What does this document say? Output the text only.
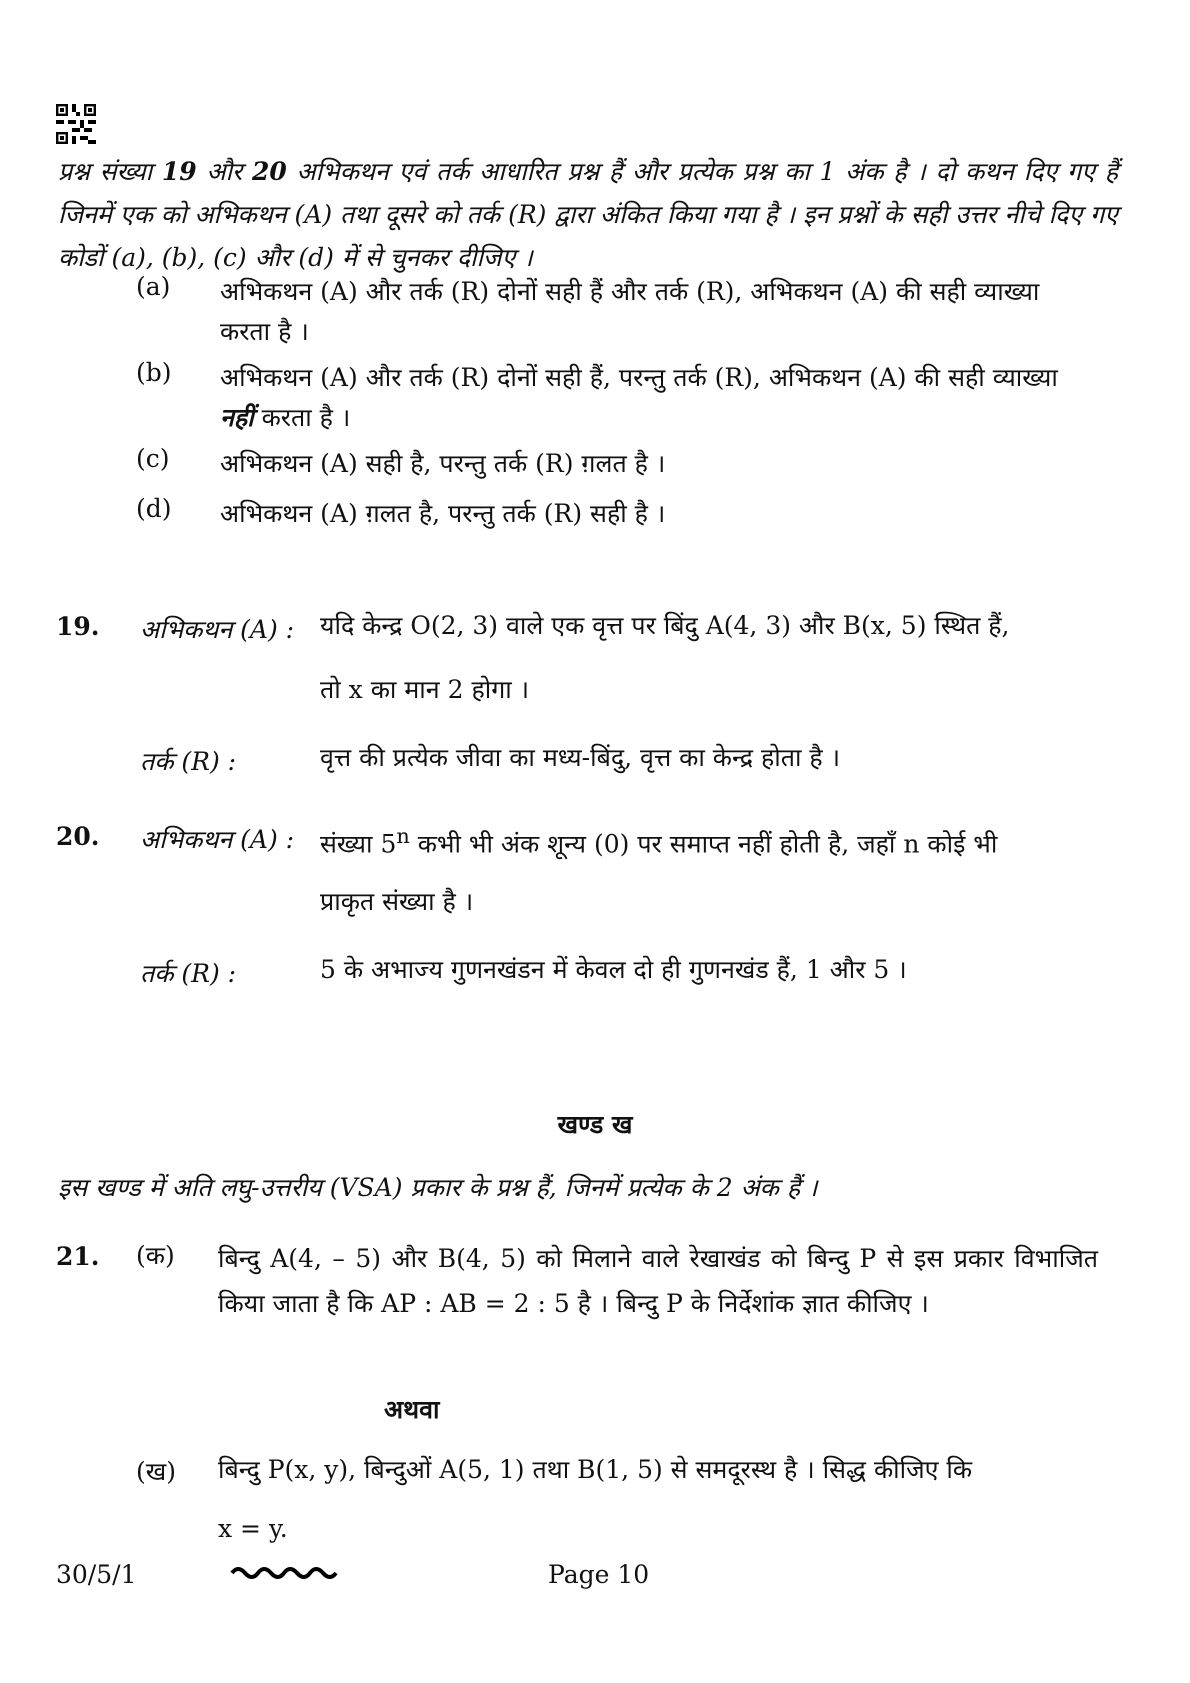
प्रश्न संख्या 19 और 20 अभिकथन एवं तर्क आधारित प्रश्न हैं और प्रत्येक प्रश्न का 1 अंक है । दो कथन दिए गए हैं जिनमें एक को अभिकथन (A) तथा दूसरे को तर्क (R) द्वारा अंकित किया गया है । इन प्रश्नों के सही उत्तर नीचे दिए गए कोडों (a), (b), (c) और (d) में से चुनकर दीजिए ।
(a)	अभिकथन (A) और तर्क (R) दोनों सही हैं और तर्क (R), अभिकथन (A) की सही व्याख्या करता है ।
(b)	अभिकथन (A) और तर्क (R) दोनों सही हैं, परन्तु तर्क (R), अभिकथन (A) की सही व्याख्या नहीं करता है ।
(c)	अभिकथन (A) सही है, परन्तु तर्क (R) ग़लत है ।
(d)	अभिकथन (A) ग़लत है, परन्तु तर्क (R) सही है ।
19. अभिकथन (A) : यदि केन्द्र O(2, 3) वाले एक वृत्त पर बिंदु A(4, 3) और B(x, 5) स्थित हैं,
तो x का मान 2 होगा ।
तर्क (R) :	वृत्त की प्रत्येक जीवा का मध्य-बिंदु, वृत्त का केन्द्र होता है ।
20. अभिकथन (A) : संख्या 5$^n$ कभी भी अंक शून्य (0) पर समाप्त नहीं होती है, जहाँ n कोई भी
प्राकृत संख्या है ।
तर्क (R) :	5 के अभाज्य गुणनखंडन में केवल दो ही गुणनखंड हैं, 1 और 5 ।
खण्ड ख
इस खण्ड में अति लघु-उत्तरीय (VSA) प्रकार के प्रश्न हैं, जिनमें प्रत्येक के 2 अंक हैं ।
21. (क) बिन्दु A(4, – 5) और B(4, 5) को मिलाने वाले रेखाखंड को बिन्दु P से इस प्रकार विभाजित किया जाता है कि AP : AB = 2 : 5 है । बिन्दु P के निर्देशांक ज्ञात कीजिए ।
अथवा
(ख) बिन्दु P(x, y), बिन्दुओं A(5, 1) तथा B(1, 5) से समदूरस्थ है । सिद्ध कीजिए कि
x = y.
30/5/1	Page 10
